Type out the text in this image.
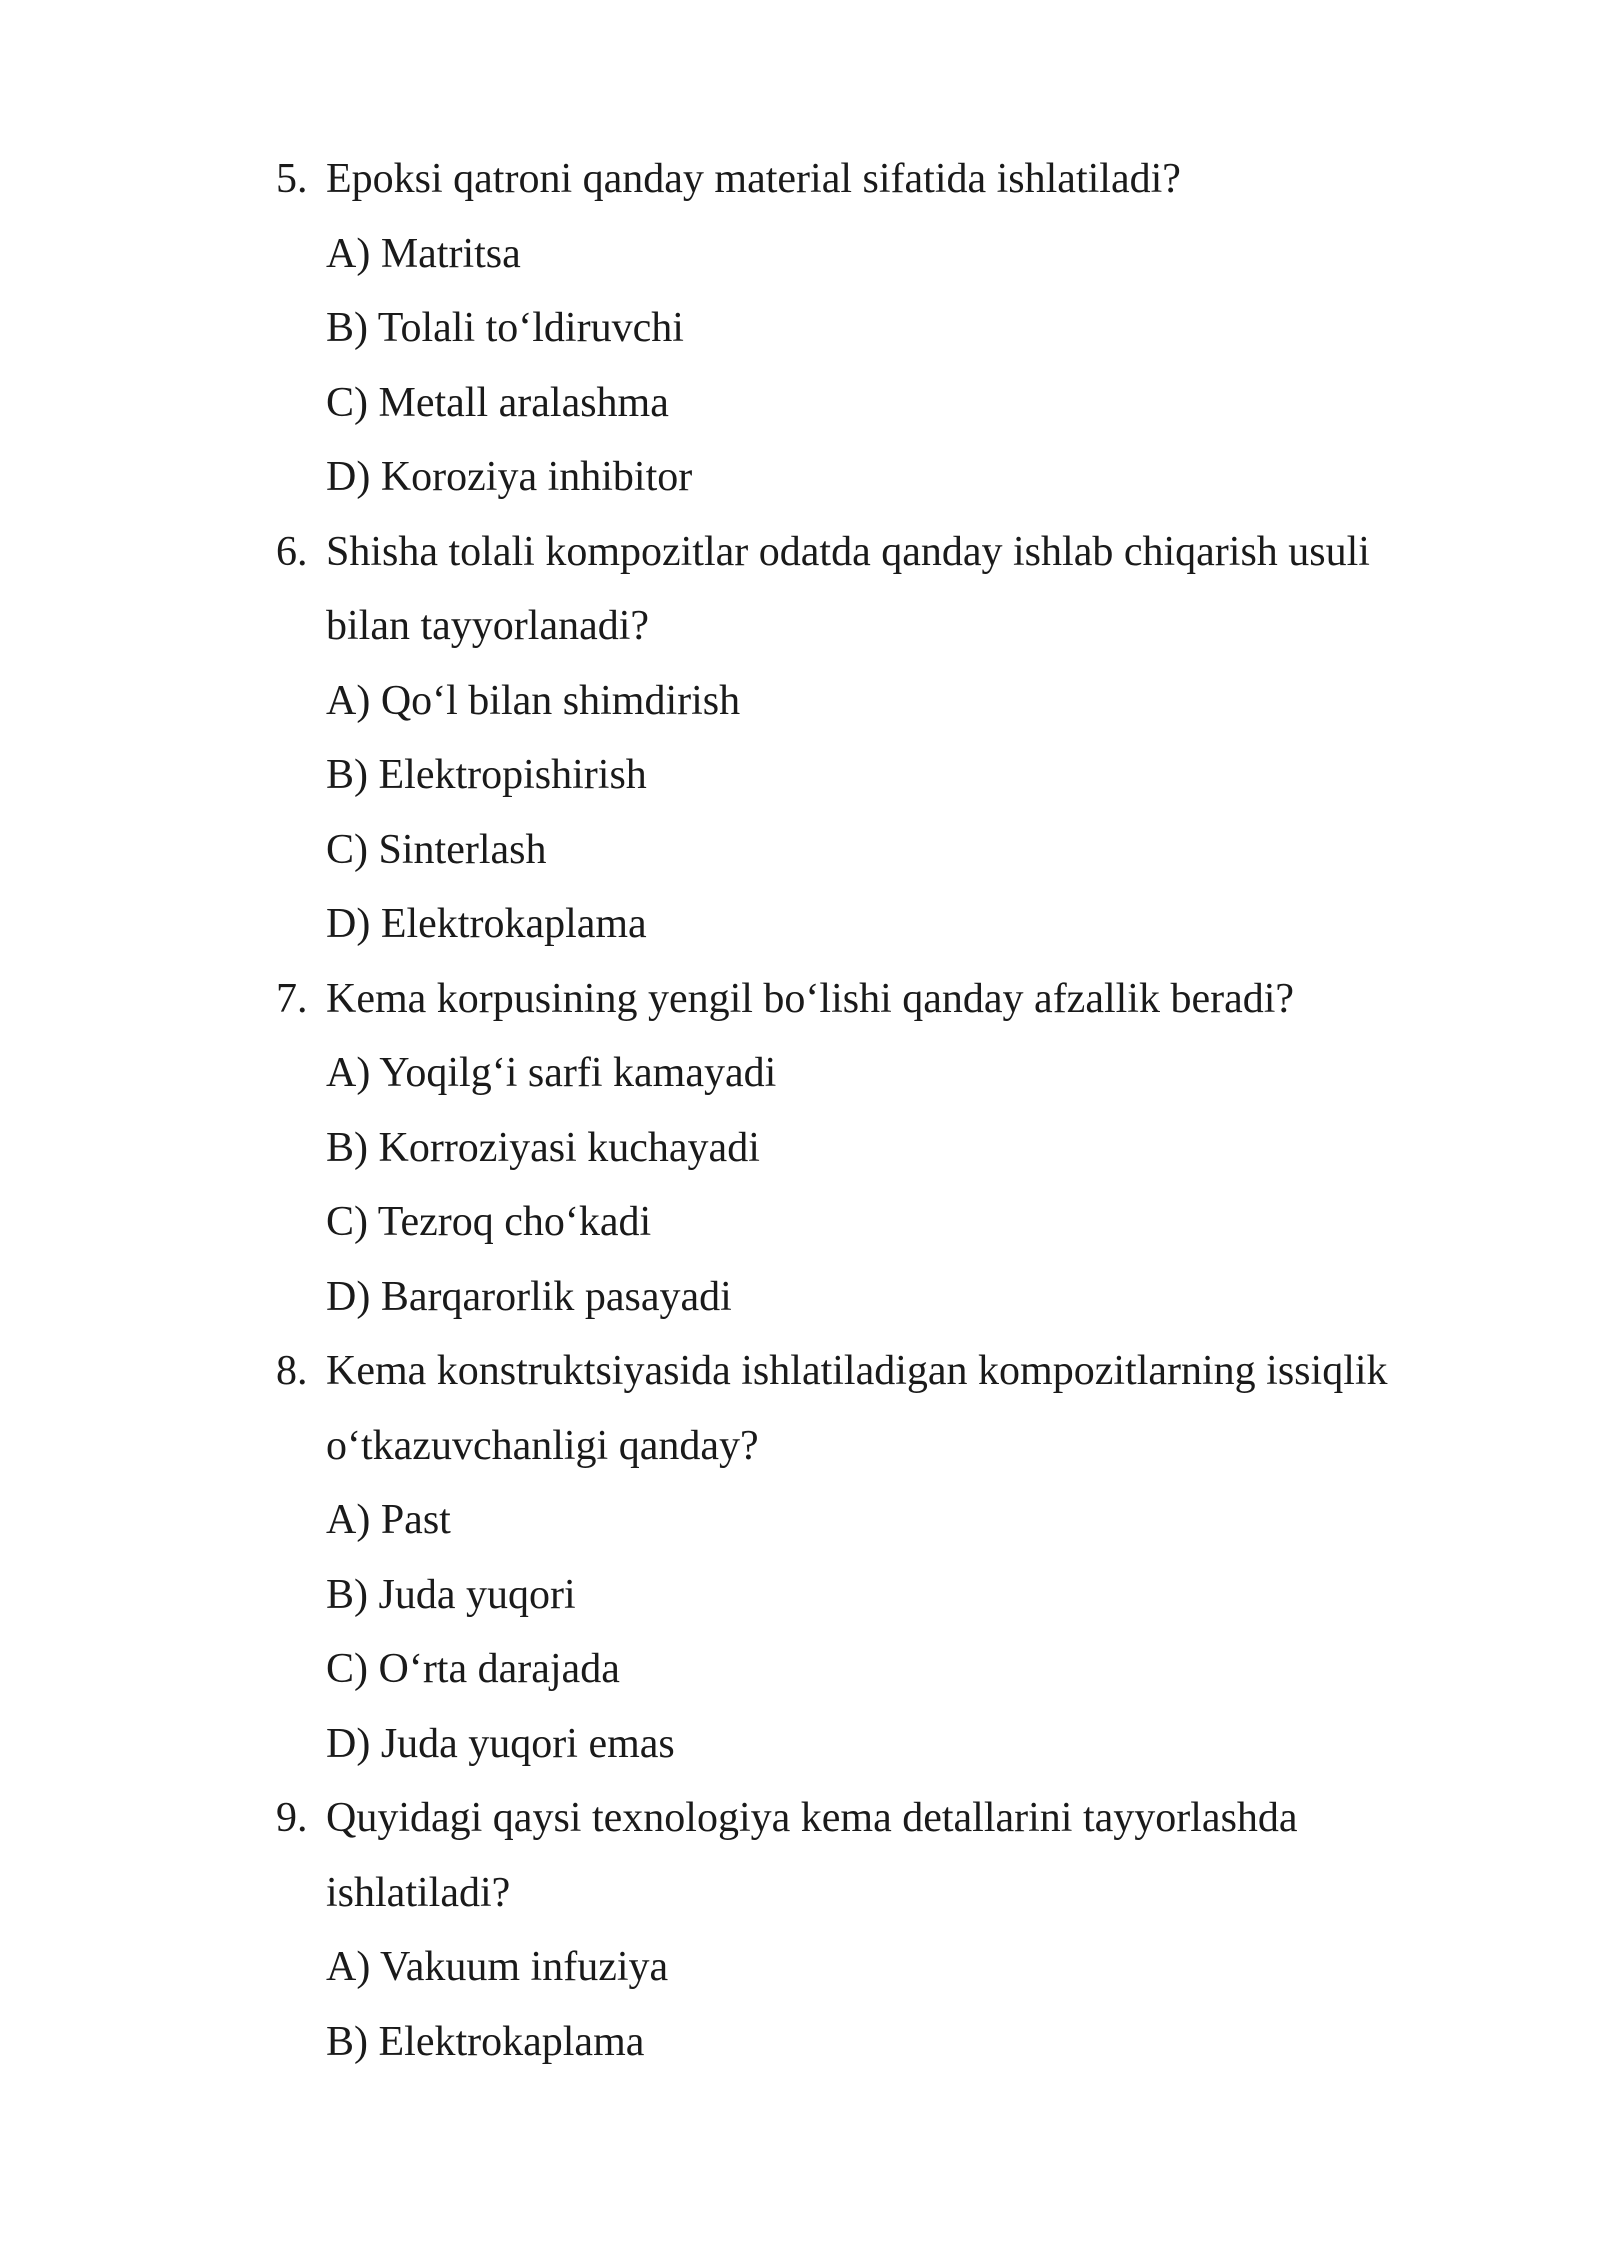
5. Epoksi qatroni qanday material sifatida ishlatiladi?
A) Matritsa
B) Tolali to‘ldiruvchi
C) Metall aralashma
D) Koroziya inhibitor
6. Shisha tolali kompozitlar odatda qanday ishlab chiqarish usuli
bilan tayyorlanadi?
A) Qo‘l bilan shimdirish
B) Elektropishirish
C) Sinterlash
D) Elektrokaplama
7. Kema korpusining yengil bo‘lishi qanday afzallik beradi?
A) Yoqilg‘i sarfi kamayadi
B) Korroziyasi kuchayadi
C) Tezroq cho‘kadi
D) Barqarorlik pasayadi
8. Kema konstruktsiyasida ishlatiladigan kompozitlarning issiqlik
o‘tkazuvchanligi qanday?
A) Past
B) Juda yuqori
C) O‘rta darajada
D) Juda yuqori emas
9. Quyidagi qaysi texnologiya kema detallarini tayyorlashda
ishlatiladi?
A) Vakuum infuziya
B) Elektrokaplama
